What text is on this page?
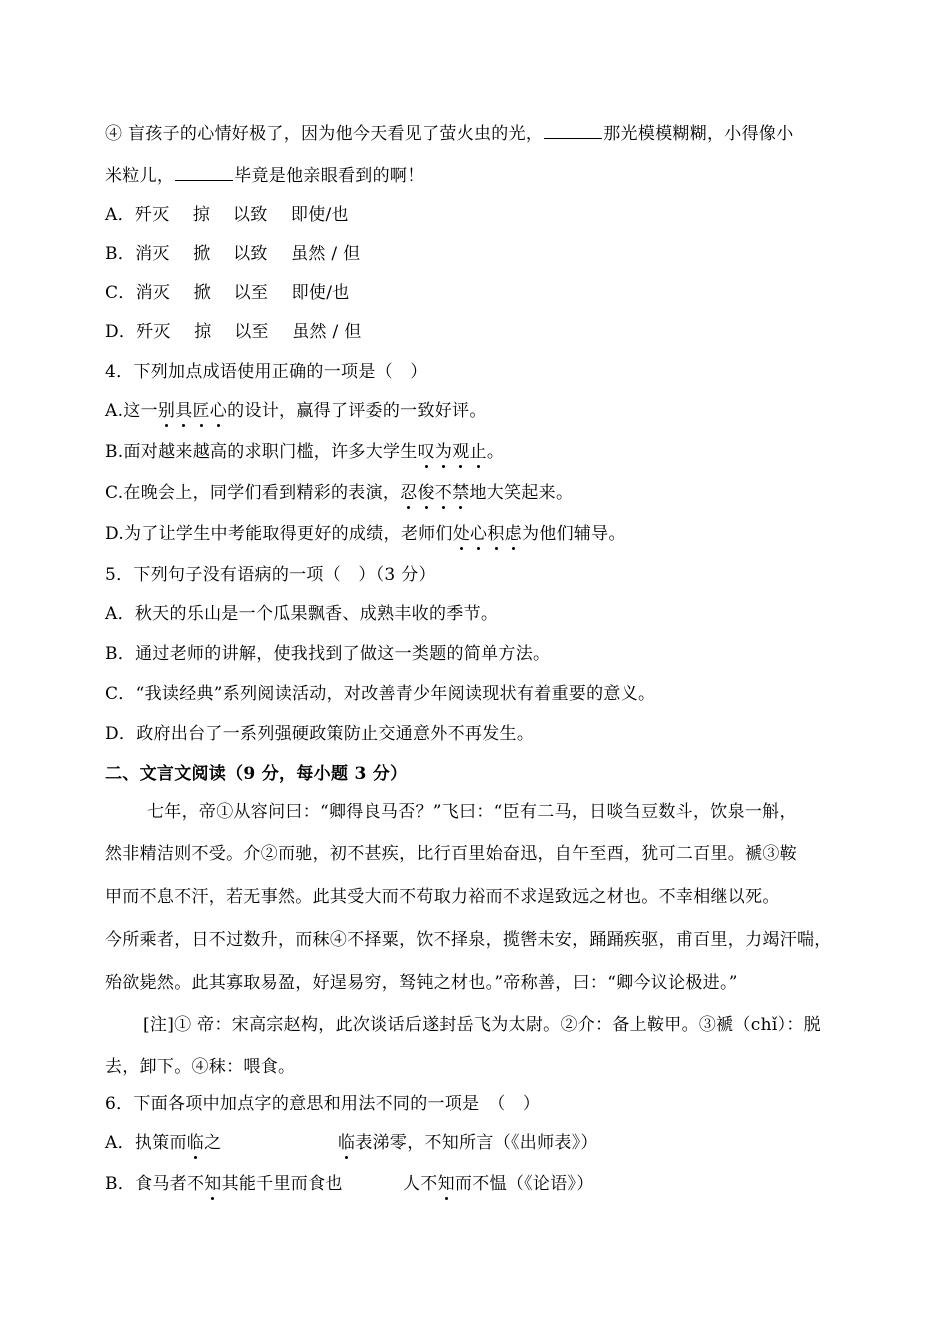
④ 盲孩子的心情好极了，因为他今天看见了萤火虫的光，	那光模模糊糊，小得像小
米粒儿，	毕竟是他亲眼看到的啊！
A．歼灭 掠 以致 即使/也
B．消灭 掀 以致 虽然 / 但
C．消灭 掀 以至 即使/也
D．歼灭 掠 以至 虽然 / 但
4．下列加点成语使用正确的一项是（　）
A.这一别具匠心的设计，赢得了评委的一致好评。
B.面对越来越高的求职门槛，许多大学生叹为观止。
C.在晚会上，同学们看到精彩的表演，忍俊不禁地大笑起来。
D.为了让学生中考能取得更好的成绩，老师们处心积虑为他们辅导。
5．下列句子没有语病的一项（　）（3 分）
A．秋天的乐山是一个瓜果飘香、成熟丰收的季节。
B．通过老师的讲解，使我找到了做这一类题的简单方法。
C．“我读经典”系列阅读活动，对改善青少年阅读现状有着重要的意义。
D．政府出台了一系列强硬政策防止交通意外不再发生。
二、文言文阅读（9 分，每小题 3 分）
七年，帝①从容问曰：“卿得良马否？”飞曰：“臣有二马，日啖刍豆数斗，饮泉一斛，
然非精洁则不受。介②而驰，初不甚疾，比行百里始奋迅，自午至酉，犹可二百里。褫③鞍
甲而不息不汗，若无事然。此其受大而不苟取力裕而不求逞致远之材也。不幸相继以死。
今所乘者，日不过数升，而秣④不择粟，饮不择泉，揽辔未安，踊踊疾驱，甫百里，力竭汗喘，
殆欲毙然。此其寡取易盈，好逞易穷，驽钝之材也。”帝称善，曰：“卿今议论极进。”
[注]① 帝：宋高宗赵构，此次谈话后遂封岳飞为太尉。②介：备上鞍甲。③褫（chǐ）：脱
去，卸下。④秣：喂食。
6．下面各项中加点字的意思和用法不同的一项是　（　）
A．执策而临之	临表涕零，不知所言（《出师表》）
B．食马者不知其能千里而食也	人不知而不愠（《论语》）
